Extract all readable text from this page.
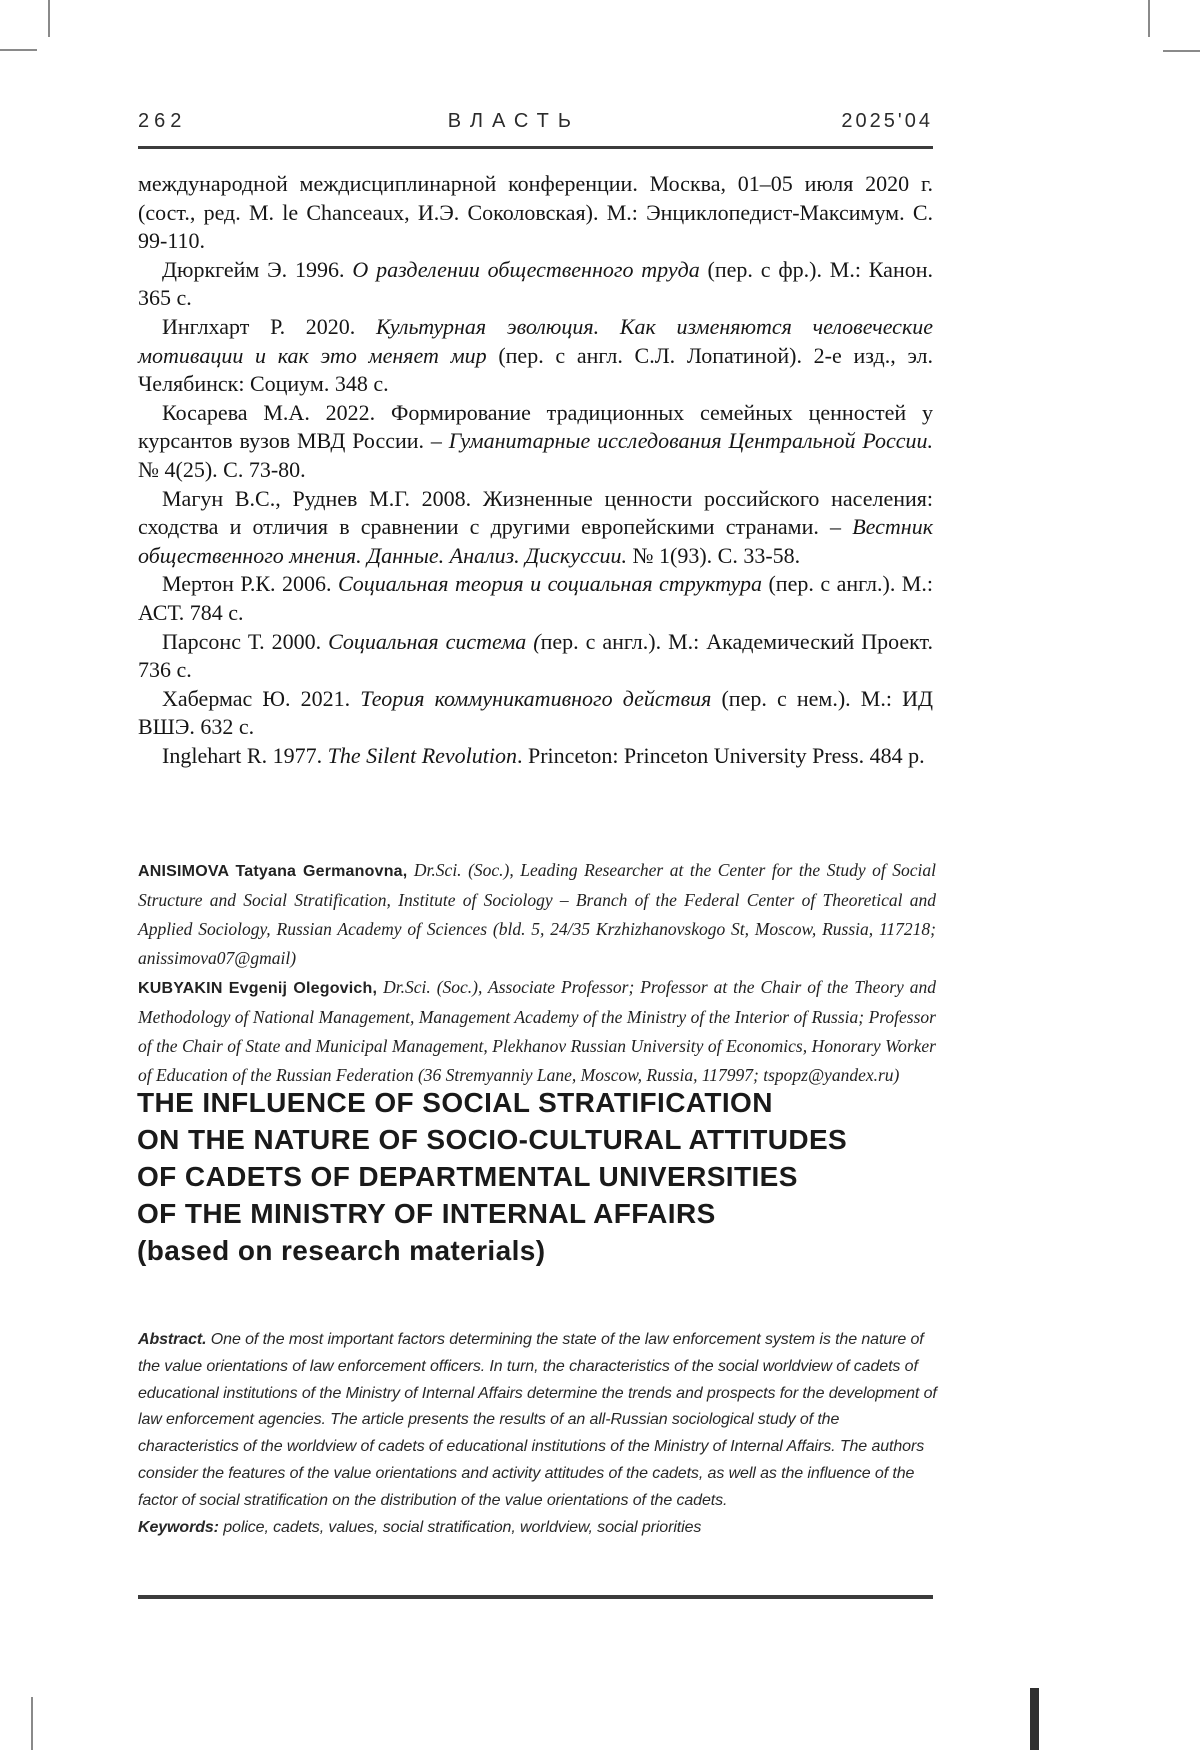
262	ВЛАСТЬ	2025'04

международной междисциплинарной конференции. Москва, 01–05 июля 2020 г. (сост., ред. M. le Chanceaux, И.Э. Соколовская). М.: Энциклопедист-Максимум. С. 99-110.

Дюркгейм Э. 1996. О разделении общественного труда (пер. с фр.). М.: Канон. 365 с.

Инглхарт Р. 2020. Культурная эволюция. Как изменяются человеческие мотивации и как это меняет мир (пер. с англ. С.Л. Лопатиной). 2-е изд., эл. Челябинск: Социум. 348 с.

Косарева М.А. 2022. Формирование традиционных семейных ценностей у курсантов вузов МВД России. – Гуманитарные исследования Центральной России. № 4(25). С. 73-80.

Магун В.С., Руднев М.Г. 2008. Жизненные ценности российского населения: сходства и отличия в сравнении с другими европейскими странами. – Вестник общественного мнения. Данные. Анализ. Дискуссии. № 1(93). С. 33-58.

Мертон Р.К. 2006. Социальная теория и социальная структура (пер. с англ.). М.: АСТ. 784 с.

Парсонс Т. 2000. Социальная система (пер. с англ.). М.: Академический Проект. 736 с.

Хабермас Ю. 2021. Теория коммуникативного действия (пер. с нем.). М.: ИД ВШЭ. 632 с.

Inglehart R. 1977. The Silent Revolution. Princeton: Princeton University Press. 484 p.

ANISIMOVA Tatyana Germanovna, Dr.Sci. (Soc.), Leading Researcher at the Center for the Study of Social Structure and Social Stratification, Institute of Sociology – Branch of the Federal Center of Theoretical and Applied Sociology, Russian Academy of Sciences (bld. 5, 24/35 Krzhizhanovskogo St, Moscow, Russia, 117218; anissimova07@gmail)

KUBYAKIN Evgenij Olegovich, Dr.Sci. (Soc.), Associate Professor; Professor at the Chair of the Theory and Methodology of National Management, Management Academy of the Ministry of the Interior of Russia; Professor of the Chair of State and Municipal Management, Plekhanov Russian University of Economics, Honorary Worker of Education of the Russian Federation (36 Stremyanniy Lane, Moscow, Russia, 117997; tspopz@yandex.ru)

THE INFLUENCE OF SOCIAL STRATIFICATION
ON THE NATURE OF SOCIO-CULTURAL ATTITUDES
OF CADETS OF DEPARTMENTAL UNIVERSITIES
OF THE MINISTRY OF INTERNAL AFFAIRS
(based on research materials)

Abstract. One of the most important factors determining the state of the law enforcement system is the nature of the value orientations of law enforcement officers. In turn, the characteristics of the social worldview of cadets of educational institutions of the Ministry of Internal Affairs determine the trends and prospects for the development of law enforcement agencies. The article presents the results of an all-Russian sociological study of the characteristics of the worldview of cadets of educational institutions of the Ministry of Internal Affairs. The authors consider the features of the value orientations and activity attitudes of the cadets, as well as the influence of the factor of social stratification on the distribution of the value orientations of the cadets.

Keywords: police, cadets, values, social stratification, worldview, social priorities
